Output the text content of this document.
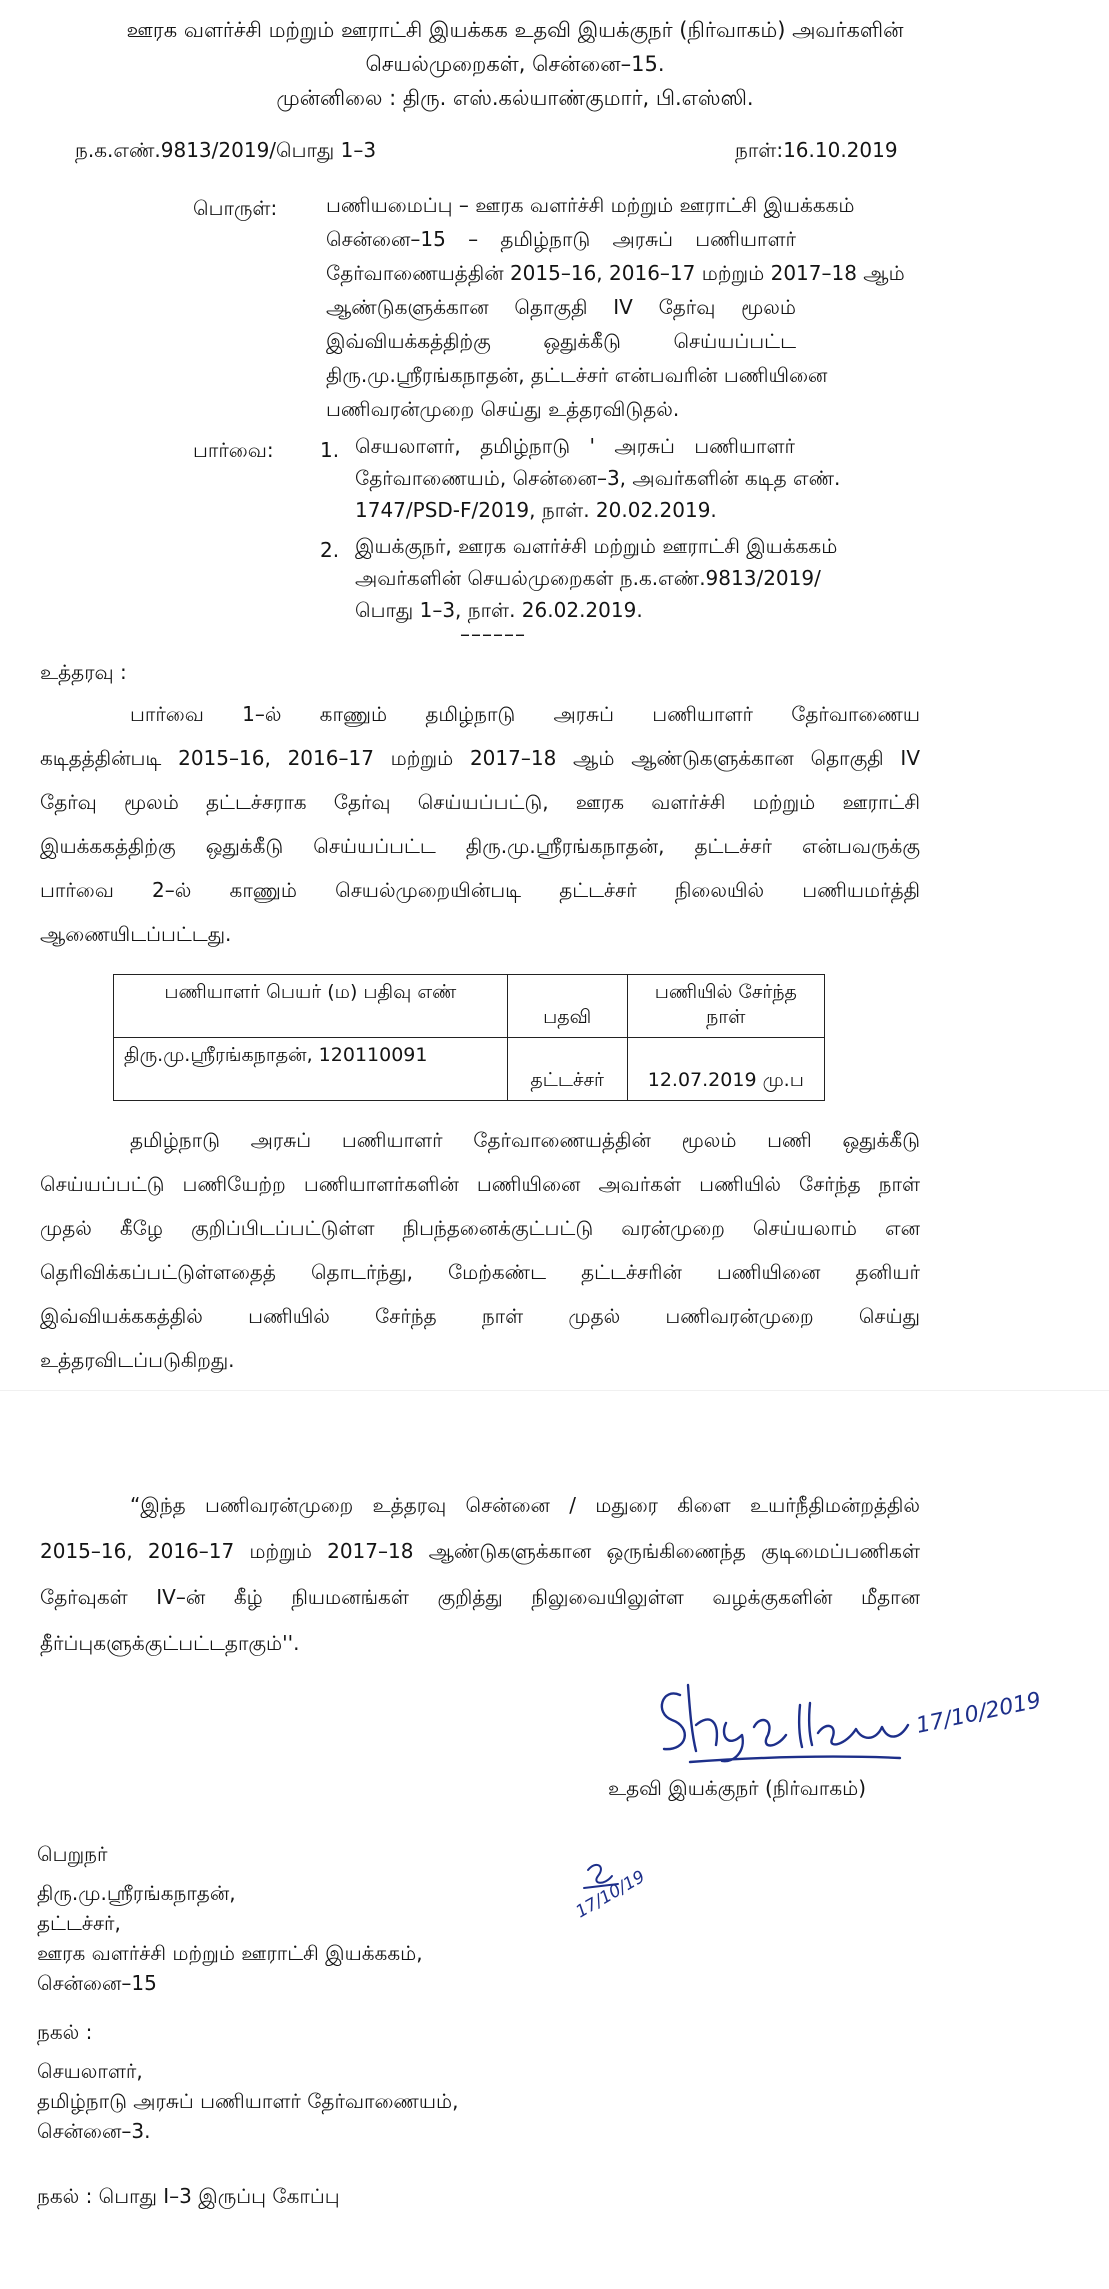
ஊரக வளர்ச்சி மற்றும் ஊராட்சி இயக்கக உதவி இயக்குநர் (நிர்வாகம்) அவர்களின்
செயல்முறைகள், சென்னை–15.
முன்னிலை : திரு. எஸ்.கல்யாண்குமார், பி.எஸ்ஸி.
ந.க.எண்.9813/2019/பொது 1–3	நாள்:16.10.2019
பொருள்: பணியமைப்பு – ஊரக வளர்ச்சி மற்றும் ஊராட்சி இயக்ககம்
சென்னை–15 – தமிழ்நாடு அரசுப் பணியாளர்
தேர்வாணையத்தின் 2015–16, 2016–17 மற்றும் 2017–18 ஆம்
ஆண்டுகளுக்கான தொகுதி IV தேர்வு மூலம்
இவ்வியக்கத்திற்கு ஒதுக்கீடு செய்யப்பட்ட
திரு.மு.ஸ்ரீரங்கநாதன், தட்டச்சர் என்பவரின் பணியினை
பணிவரன்முறை செய்து உத்தரவிடுதல்.
பார்வை: 1. செயலாளர், தமிழ்நாடு ' அரசுப் பணியாளர்
தேர்வாணையம், சென்னை–3, அவர்களின் கடித எண்.
1747/PSD-F/2019, நாள். 20.02.2019.
2. இயக்குநர், ஊரக வளர்ச்சி மற்றும் ஊராட்சி இயக்ககம்
அவர்களின் செயல்முறைகள் ந.க.எண்.9813/2019/
பொது 1–3, நாள். 26.02.2019.
––––––
உத்தரவு :
பார்வை 1–ல் காணும் தமிழ்நாடு அரசுப் பணியாளர் தேர்வாணைய
கடிதத்தின்படி 2015–16, 2016–17 மற்றும் 2017–18 ஆம் ஆண்டுகளுக்கான தொகுதி IV
தேர்வு மூலம் தட்டச்சராக தேர்வு செய்யப்பட்டு, ஊரக வளர்ச்சி மற்றும் ஊராட்சி
இயக்ககத்திற்கு ஒதுக்கீடு செய்யப்பட்ட திரு.மு.ஸ்ரீரங்கநாதன், தட்டச்சர் என்பவருக்கு
பார்வை 2–ல் காணும் செயல்முறையின்படி தட்டச்சர் நிலையில் பணியமர்த்தி
ஆணையிடப்பட்டது.
பணியாளர் பெயர் (ம) பதிவு எண்	பதவி	பணியில் சேர்ந்த நாள்
திரு.மு.ஸ்ரீரங்கநாதன், 120110091	தட்டச்சர்	12.07.2019 மு.ப
தமிழ்நாடு அரசுப் பணியாளர் தேர்வாணையத்தின் மூலம் பணி ஒதுக்கீடு
செய்யப்பட்டு பணியேற்ற பணியாளர்களின் பணியினை அவர்கள் பணியில் சேர்ந்த நாள்
முதல் கீழே குறிப்பிடப்பட்டுள்ள நிபந்தனைக்குட்பட்டு வரன்முறை செய்யலாம் என
தெரிவிக்கப்பட்டுள்ளதைத் தொடர்ந்து, மேற்கண்ட தட்டச்சரின் பணியினை தனியர்
இவ்வியக்ககத்தில் பணியில் சேர்ந்த நாள் முதல் பணிவரன்முறை செய்து
உத்தரவிடப்படுகிறது.
“இந்த பணிவரன்முறை உத்தரவு சென்னை / மதுரை கிளை உயர்நீதிமன்றத்தில்
2015–16, 2016–17 மற்றும் 2017–18 ஆண்டுகளுக்கான ஒருங்கிணைந்த குடிமைப்பணிகள்
தேர்வுகள் IV–ன் கீழ் நியமனங்கள் குறித்து நிலுவையிலுள்ள வழக்குகளின் மீதான
தீர்ப்புகளுக்குட்பட்டதாகும்''.
17/10/2019
உதவி இயக்குநர் (நிர்வாகம்)
17/10/19
பெறுநர்
திரு.மு.ஸ்ரீரங்கநாதன்,
தட்டச்சர்,
ஊரக வளர்ச்சி மற்றும் ஊராட்சி இயக்ககம்,
சென்னை–15
நகல் :
செயலாளர்,
தமிழ்நாடு அரசுப் பணியாளர் தேர்வாணையம்,
சென்னை–3.
நகல் : பொது I–3 இருப்பு கோப்பு
